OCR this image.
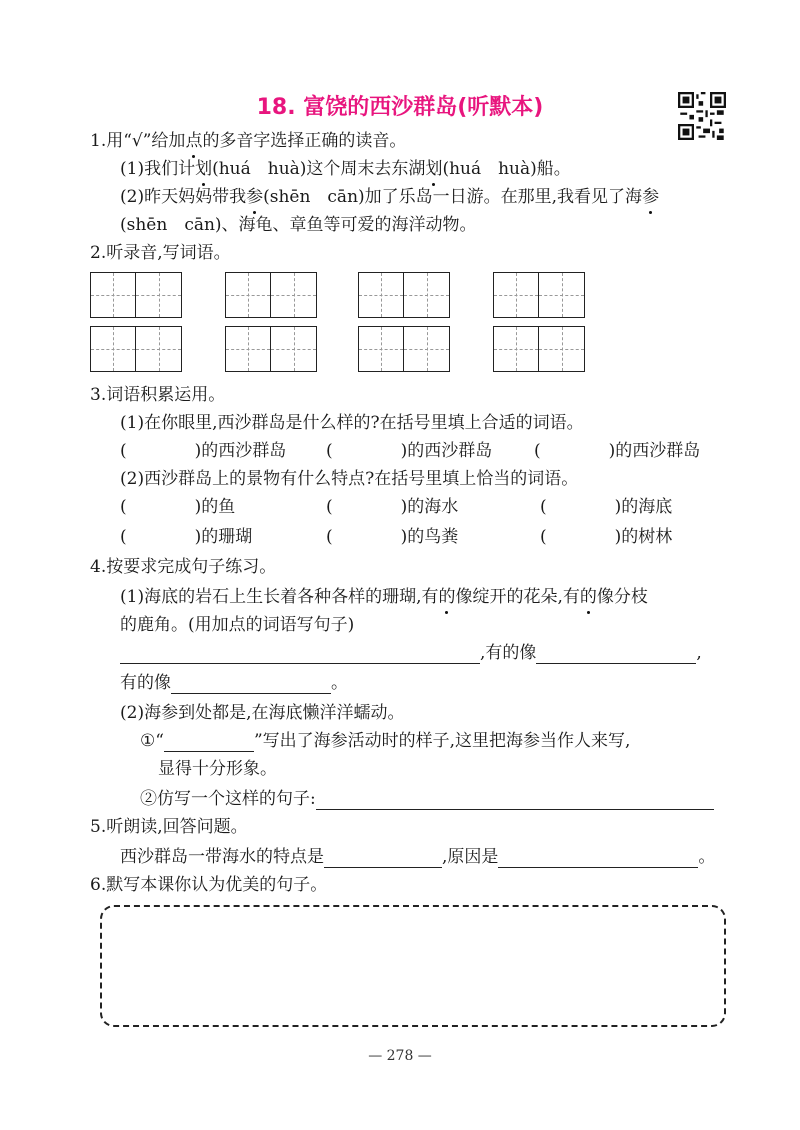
18. 富饶的西沙群岛(听默本)
1.用“√”给加点的多音字选择正确的读音。
(1)我们计划(huá　huà)这个周末去东湖划(huá　huà)船。
(2)昨天妈妈带我参(shēn　cān)加了乐岛一日游。在那里,我看见了海参
(shēn　cān)、海龟、章鱼等可爱的海洋动物。
2.听录音,写词语。
3.词语积累运用。
(1)在你眼里,西沙群岛是什么样的?在括号里填上合适的词语。
(　　　　)的西沙群岛 (　　　　)的西沙群岛 (　　　　)的西沙群岛
(2)西沙群岛上的景物有什么特点?在括号里填上恰当的词语。
(　　　　)的鱼	(　　　　)的海水	(　　　　)的海底
(　　　　)的珊瑚	(　　　　)的鸟粪	(　　　　)的树林
4.按要求完成句子练习。
(1)海底的岩石上生长着各种各样的珊瑚,有的像绽开的花朵,有的像分枝
的鹿角。(用加点的词语写句子)
,有的像	,
有的像	。
(2)海参到处都是,在海底懒洋洋蠕动。
①“	”写出了海参活动时的样子,这里把海参当作人来写,
显得十分形象。
②仿写一个这样的句子:
5.听朗读,回答问题。
西沙群岛一带海水的特点是	,原因是	。
6.默写本课你认为优美的句子。
— 278 —
